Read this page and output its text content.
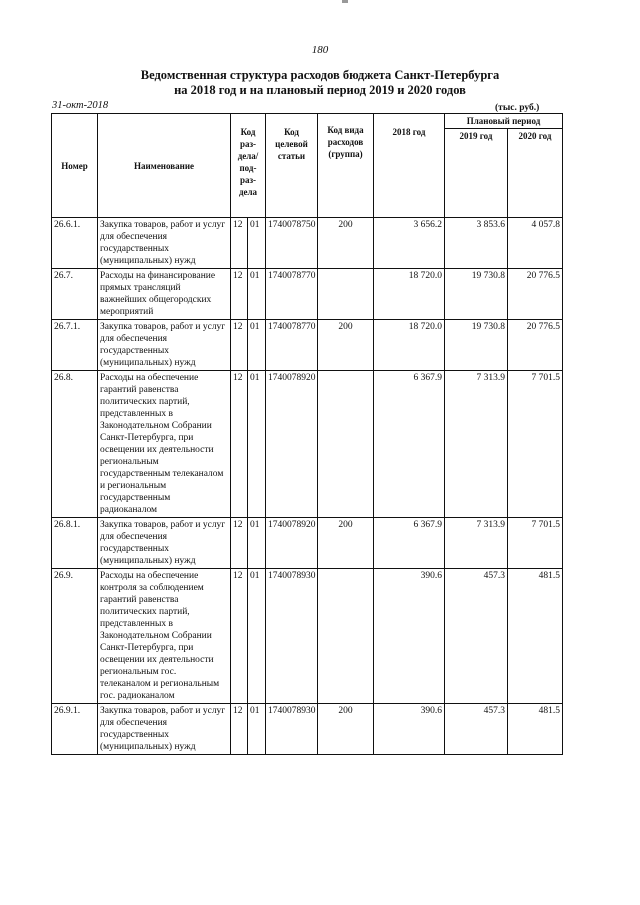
180
Ведомственная структура расходов бюджета Санкт-Петербурга
на 2018 год и на плановый период 2019 и 2020 годов
31-окт-2018	(тыс. руб.)
Номер	Наименование	Код раз-дела/ под-раз-дела		Код целевой статьи	Код вида расходов (группа)	2018 год	Плановый период	
							2019 год	2020 год
26.6.1.	Закупка товаров, работ и услуг для обеспечения государственных (муниципальных) нужд	12	01	1740078750	200	3 656.2	3 853.6	4 057.8
26.7.	Расходы на финансирование прямых трансляций важнейших общегородских мероприятий	12	01	1740078770		18 720.0	19 730.8	20 776.5
26.7.1.	Закупка товаров, работ и услуг для обеспечения государственных (муниципальных) нужд	12	01	1740078770	200	18 720.0	19 730.8	20 776.5
26.8.	Расходы на обеспечение гарантий равенства политических партий, представленных в Законодательном Собрании Санкт-Петербурга, при освещении их деятельности региональным государственным телеканалом и региональным государственным радиоканалом	12	01	1740078920		6 367.9	7 313.9	7 701.5
26.8.1.	Закупка товаров, работ и услуг для обеспечения государственных (муниципальных) нужд	12	01	1740078920	200	6 367.9	7 313.9	7 701.5
26.9.	Расходы на обеспечение контроля за соблюдением гарантий равенства политических партий, представленных в Законодательном Собрании Санкт-Петербурга, при освещении их деятельности региональным гос. телеканалом и региональным гос. радиоканалом	12	01	1740078930		390.6	457.3	481.5
26.9.1.	Закупка товаров, работ и услуг для обеспечения государственных (муниципальных) нужд	12	01	1740078930	200	390.6	457.3	481.5
